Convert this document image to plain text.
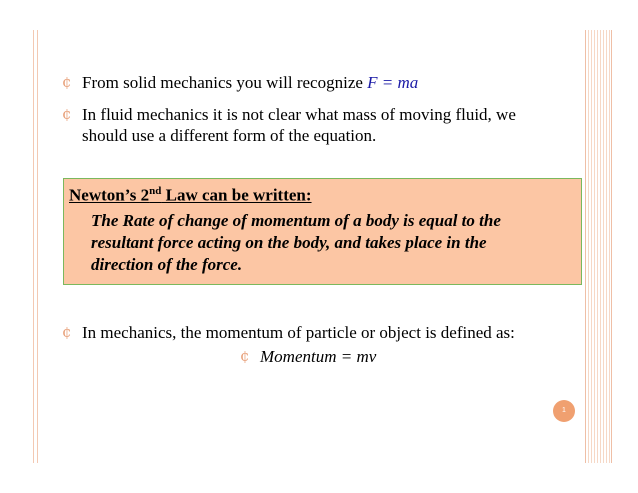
¢ From solid mechanics you will recognize F = ma
¢ In fluid mechanics it is not clear what mass of moving fluid, we
should use a different form of the equation.
Newton’s 2nd Law can be written:
The Rate of change of momentum of a body is equal to the
resultant force acting on the body, and takes place in the
direction of the force.
¢ In mechanics, the momentum of particle or object is defined as:
¢ Momentum = mv
1
